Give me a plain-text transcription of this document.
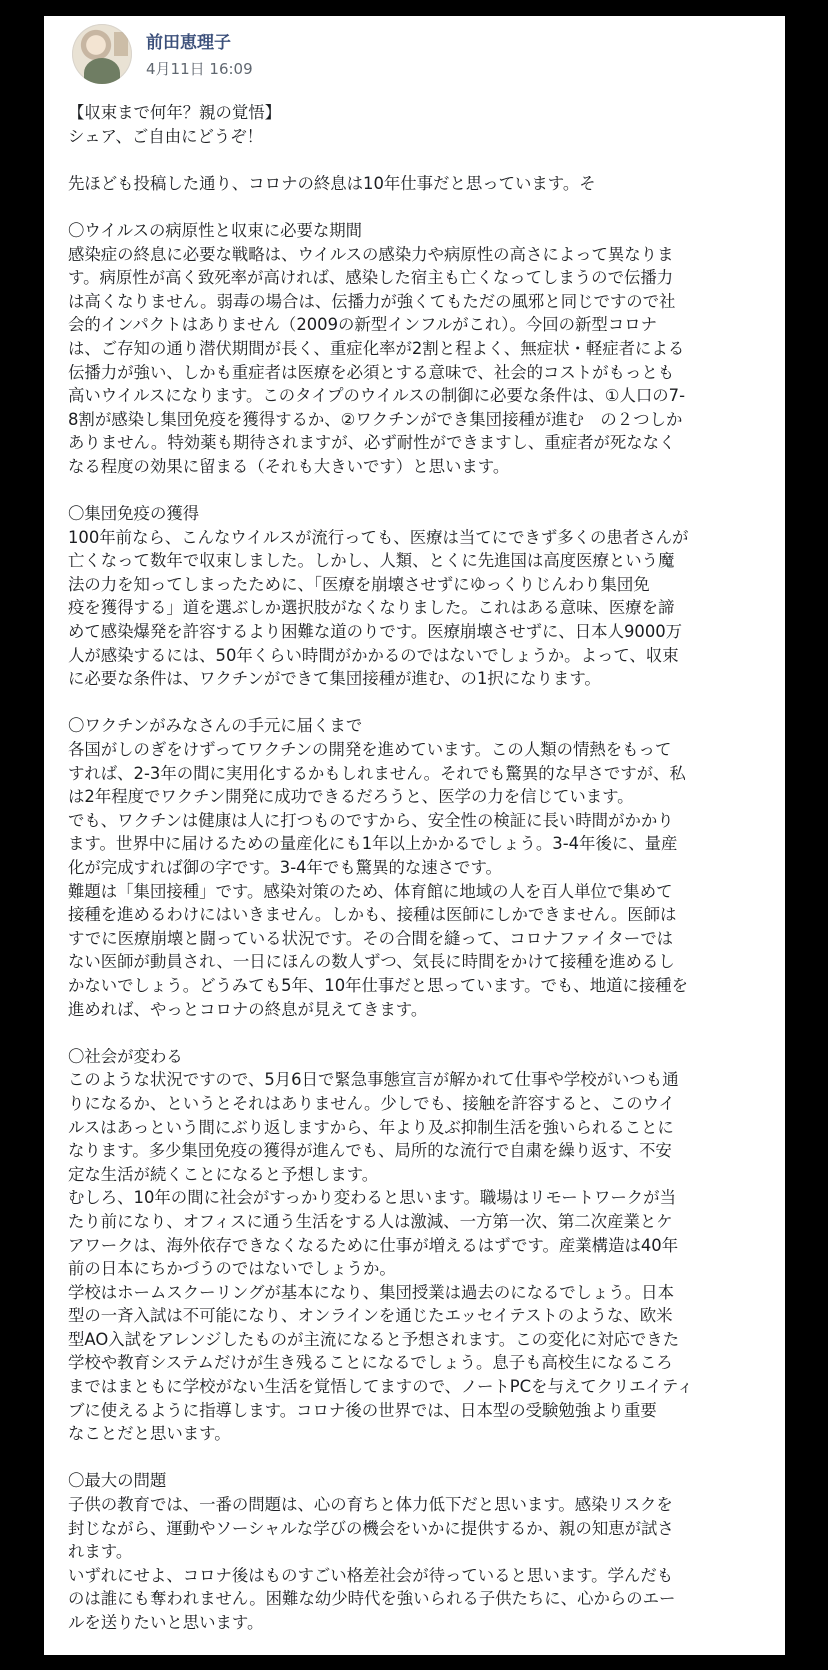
前田恵理子
4月11日 16:09

【収束まで何年？親の覚悟】
シェア、ご自由にどうぞ！

先ほども投稿した通り、コロナの終息は10年仕事だと思っています。そ

〇ウイルスの病原性と収束に必要な期間
感染症の終息に必要な戦略は、ウイルスの感染力や病原性の高さによって異なりま
す。病原性が高く致死率が高ければ、感染した宿主も亡くなってしまうので伝播力
は高くなりません。弱毒の場合は、伝播力が強くてもただの風邪と同じですので社
会的インパクトはありません（2009の新型インフルがこれ）。今回の新型コロナ
は、ご存知の通り潜伏期間が長く、重症化率が2割と程よく、無症状・軽症者による
伝播力が強い、しかも重症者は医療を必須とする意味で、社会的コストがもっとも
高いウイルスになります。このタイプのウイルスの制御に必要な条件は、①人口の7-
8割が感染し集団免疫を獲得するか、②ワクチンができ集団接種が進む　の２つしか
ありません。特効薬も期待されますが、必ず耐性ができますし、重症者が死ななく
なる程度の効果に留まる（それも大きいです）と思います。

〇集団免疫の獲得
100年前なら、こんなウイルスが流行っても、医療は当てにできず多くの患者さんが
亡くなって数年で収束しました。しかし、人類、とくに先進国は高度医療という魔
法の力を知ってしまったために、「医療を崩壊させずにゆっくりじんわり集団免
疫を獲得する」道を選ぶしか選択肢がなくなりました。これはある意味、医療を諦
めて感染爆発を許容するより困難な道のりです。医療崩壊させずに、日本人9000万
人が感染するには、50年くらい時間がかかるのではないでしょうか。よって、収束
に必要な条件は、ワクチンができて集団接種が進む、の1択になります。

〇ワクチンがみなさんの手元に届くまで
各国がしのぎをけずってワクチンの開発を進めています。この人類の情熱をもって
すれば、2-3年の間に実用化するかもしれません。それでも驚異的な早さですが、私
は2年程度でワクチン開発に成功できるだろうと、医学の力を信じています。
でも、ワクチンは健康は人に打つものですから、安全性の検証に長い時間がかかり
ます。世界中に届けるための量産化にも1年以上かかるでしょう。3-4年後に、量産
化が完成すれば御の字です。3-4年でも驚異的な速さです。
難題は「集団接種」です。感染対策のため、体育館に地域の人を百人単位で集めて
接種を進めるわけにはいきません。しかも、接種は医師にしかできません。医師は
すでに医療崩壊と闘っている状況です。その合間を縫って、コロナファイターでは
ない医師が動員され、一日にほんの数人ずつ、気長に時間をかけて接種を進めるし
かないでしょう。どうみても5年、10年仕事だと思っています。でも、地道に接種を
進めれば、やっとコロナの終息が見えてきます。

〇社会が変わる
このような状況ですので、5月6日で緊急事態宣言が解かれて仕事や学校がいつも通
りになるか、というとそれはありません。少しでも、接触を許容すると、このウイ
ルスはあっという間にぶり返しますから、年より及ぶ抑制生活を強いられることに
なります。多少集団免疫の獲得が進んでも、局所的な流行で自粛を繰り返す、不安
定な生活が続くことになると予想します。
むしろ、10年の間に社会がすっかり変わると思います。職場はリモートワークが当
たり前になり、オフィスに通う生活をする人は激減、一方第一次、第二次産業とケ
アワークは、海外依存できなくなるために仕事が増えるはずです。産業構造は40年
前の日本にちかづうのではないでしょうか。
学校はホームスクーリングが基本になり、集団授業は過去のになるでしょう。日本
型の一斉入試は不可能になり、オンラインを通じたエッセイテストのような、欧米
型AO入試をアレンジしたものが主流になると予想されます。この変化に対応できた
学校や教育システムだけが生き残ることになるでしょう。息子も高校生になるころ
まではまともに学校がない生活を覚悟してますので、ノートPCを与えてクリエイティ
ブに使えるように指導します。コロナ後の世界では、日本型の受験勉強より重要
なことだと思います。

〇最大の問題
子供の教育では、一番の問題は、心の育ちと体力低下だと思います。感染リスクを
封じながら、運動やソーシャルな学びの機会をいかに提供するか、親の知恵が試さ
れます。
いずれにせよ、コロナ後はものすごい格差社会が待っていると思います。学んだも
のは誰にも奪われません。困難な幼少時代を強いられる子供たちに、心からのエー
ルを送りたいと思います。
